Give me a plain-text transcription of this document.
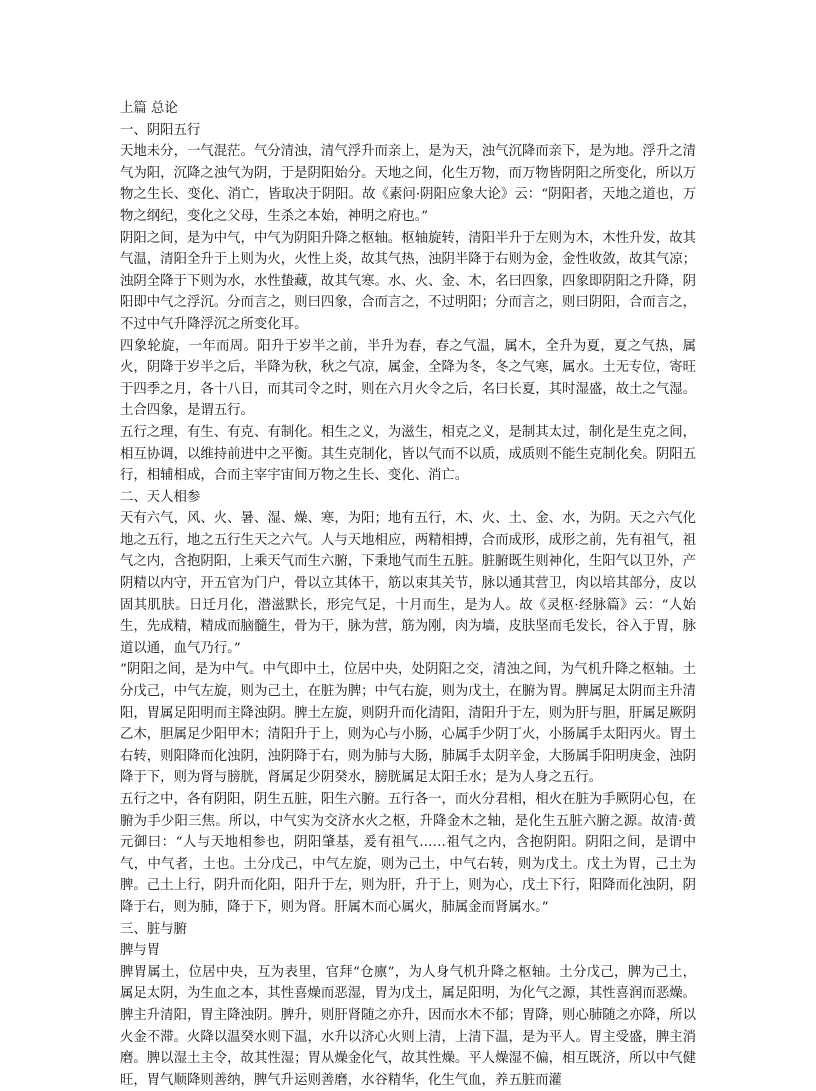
上篇 总论
一、阴阳五行

天地未分，一气混茫。气分清浊，清气浮升而亲上，是为天，浊气沉降而亲下，是为地。浮升之清气为阳，沉降之浊气为阴，于是阴阳始分。天地之间，化生万物，而万物皆阴阳之所变化，所以万物之生长、变化、消亡，皆取决于阴阳。故《素问·阴阳应象大论》云：“阴阳者，天地之道也，万物之纲纪，变化之父母，生杀之本始，神明之府也。”

阴阳之间，是为中气，中气为阴阳升降之枢轴。枢轴旋转，清阳半升于左则为木，木性升发，故其气温，清阳全升于上则为火，火性上炎，故其气热，浊阴半降于右则为金，金性收敛，故其气凉；浊阴全降于下则为水，水性蛰藏，故其气寒。水、火、金、木，名曰四象，四象即阴阳之升降，阴阳即中气之浮沉。分而言之，则曰四象，合而言之，不过明阳；分而言之，则曰阴阳，合而言之，不过中气升降浮沉之所变化耳。

四象轮旋，一年而周。阳升于岁半之前，半升为春，春之气温，属木，全升为夏，夏之气热，属火，阴降于岁半之后，半降为秋，秋之气凉，属金，全降为冬，冬之气寒，属水。土无专位，寄旺于四季之月，各十八日，而其司令之时，则在六月火令之后，名曰长夏，其时湿盛，故土之气湿。土合四象，是谓五行。

五行之理，有生、有克、有制化。相生之义，为滋生，相克之义，是制其太过，制化是生克之间，相互协调，以维持前进中之平衡。其生克制化，皆以气而不以质，成质则不能生克制化矣。阴阳五行，相辅相成，合而主宰宇宙间万物之生长、变化、消亡。

二、天人相参

天有六气，风、火、暑、湿、燥、寒，为阳；地有五行，木、火、土、金、水，为阴。天之六气化地之五行，地之五行生天之六气。人与天地相应，两精相搏，合而成形，成形之前，先有祖气，祖气之内，含抱阴阳，上乘天气而生六腑，下秉地气而生五脏。脏腑既生则神化，生阳气以卫外，产阴精以内守，开五官为门户，骨以立其体干，筋以束其关节，脉以通其营卫，肉以培其部分，皮以固其肌肤。日迁月化，潜滋默长，形完气足，十月而生，是为人。故《灵枢·经脉篇》云：“人始生，先成精，精成而脑髓生，骨为干，脉为营，筋为刚，肉为墙，皮肤坚而毛发长，谷入于胃，脉道以通，血气乃行。”

“阴阳之间，是为中气。中气即中土，位居中央，处阴阳之交，清浊之间，为气机升降之枢轴。土分戊己，中气左旋，则为己土，在脏为脾；中气右旋，则为戊土，在腑为胃。脾属足太阴而主升清阳，胃属足阳明而主降浊阴。脾土左旋，则阴升而化清阳，清阳升于左，则为肝与胆，肝属足厥阴乙木，胆属足少阳甲木；清阳升于上，则为心与小肠，心属手少阴丁火，小肠属手太阳丙火。胃土右转，则阳降而化浊阴，浊阴降于右，则为肺与大肠，肺属手太阴辛金，大肠属手阳明庚金，浊阴降于下，则为肾与膀胱，肾属足少阴癸水，膀胱属足太阳壬水；是为人身之五行。

五行之中，各有阴阳，阴生五脏，阳生六腑。五行各一，而火分君相，相火在脏为手厥阴心包，在腑为手少阳三焦。所以，中气实为交济水火之枢，升降金木之轴，是化生五脏六腑之源。故清·黄元御曰：“人与天地相参也，阴阳肇基，爰有祖气……祖气之内，含抱阴阳。阴阳之间，是谓中气，中气者，土也。土分戊己，中气左旋，则为己土，中气右转，则为戊土。戊土为胃，己土为脾。己土上行，阴升而化阳，阳升于左，则为肝，升于上，则为心，戊土下行，阳降而化浊阴，阴降于右，则为肺，降于下，则为肾。肝属木而心属火，肺属金而肾属水。”

三、脏与腑
脾与胃

脾胃属土，位居中央，互为表里，官拜“仓廪”，为人身气机升降之枢轴。土分戊己，脾为己土，属足太阴，为生血之本，其性喜燥而恶湿，胃为戊土，属足阳明，为化气之源，其性喜润而恶燥。脾主升清阳，胃主降浊阴。脾升，则肝肾随之亦升，因而水木不郁；胃降，则心肺随之亦降，所以火金不滞。火降以温癸水则下温，水升以济心火则上清，上清下温，是为平人。胃主受盛，脾主消磨。脾以湿土主令，故其性湿；胃从燥金化气，故其性燥。平人燥湿不偏，相互既济，所以中气健旺，胃气顺降则善纳，脾气升运则善磨，水谷精华，化生气血，养五脏而灌
